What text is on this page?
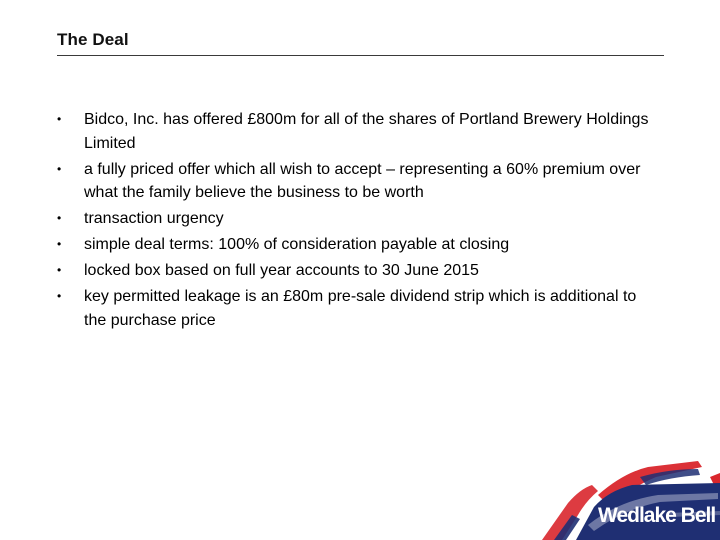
The Deal
• Bidco, Inc. has offered £800m for all of the shares of Portland Brewery Holdings Limited
• a fully priced offer which all wish to accept – representing a 60% premium over what the family believe the business to be worth
• transaction urgency
• simple deal terms: 100% of consideration payable at closing
• locked box based on full year accounts to 30 June 2015
• key permitted leakage is an £80m pre-sale dividend strip which is additional to the purchase price
Wedlake Bell
